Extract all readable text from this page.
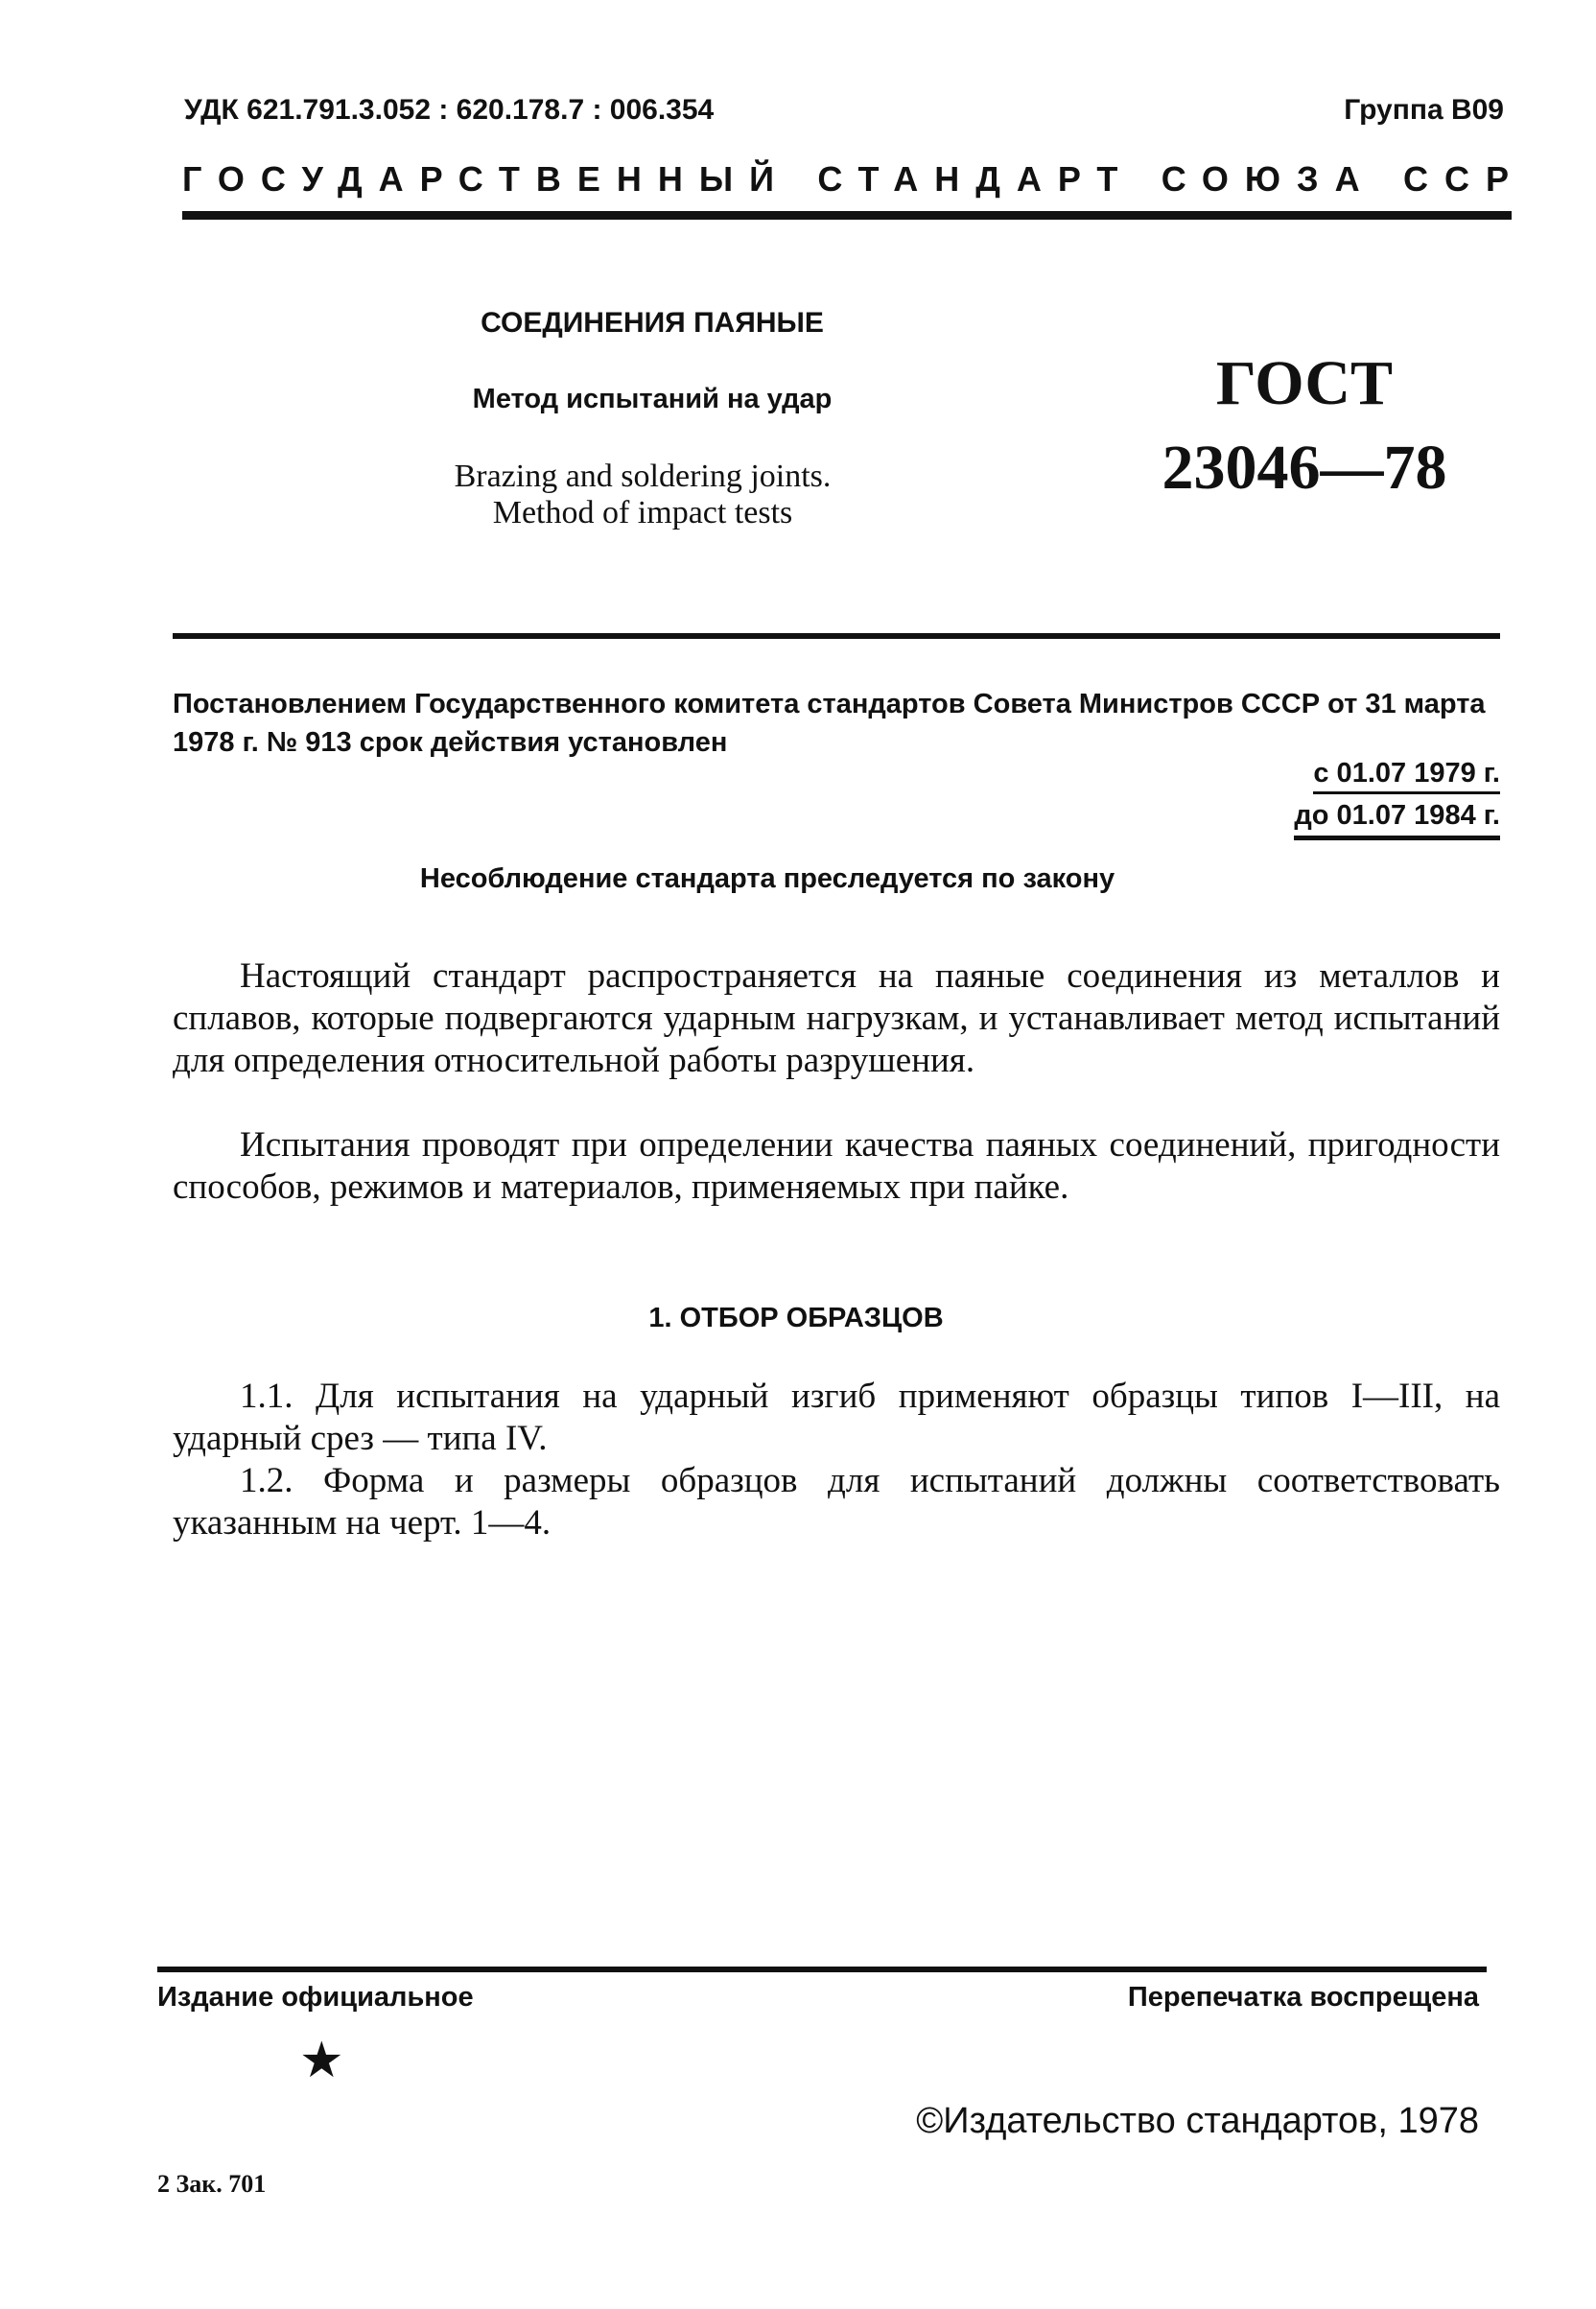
УДК 621.791.3.052 : 620.178.7 : 006.354	Группа В09
ГОСУДАРСТВЕННЫЙ СТАНДАРТ СОЮЗА ССР
СОЕДИНЕНИЯ ПАЯНЫЕ
Метод испытаний на удар
Brazing and soldering joints.
Method of impact tests
ГОСТ
23046—78
Постановлением Государственного комитета стандартов Совета Министров СССР от 31 марта 1978 г. № 913 срок действия установлен
с 01.07 1979 г.
до 01.07 1984 г.
Несоблюдение стандарта преследуется по закону

Настоящий стандарт распространяется на паяные соединения из металлов и сплавов, которые подвергаются ударным нагрузкам, и устанавливает метод испытаний для определения относительной работы разрушения.

Испытания проводят при определении качества паяных соединений, пригодности способов, режимов и материалов, применяемых при пайке.

1. ОТБОР ОБРАЗЦОВ

1.1. Для испытания на ударный изгиб применяют образцы типов I—III, на ударный срез — типа IV.

1.2. Форма и размеры образцов для испытаний должны соответствовать указанным на черт. 1—4.

Издание официальное	Перепечатка воспрещена
★
©Издательство стандартов, 1978
2 Зак. 701
